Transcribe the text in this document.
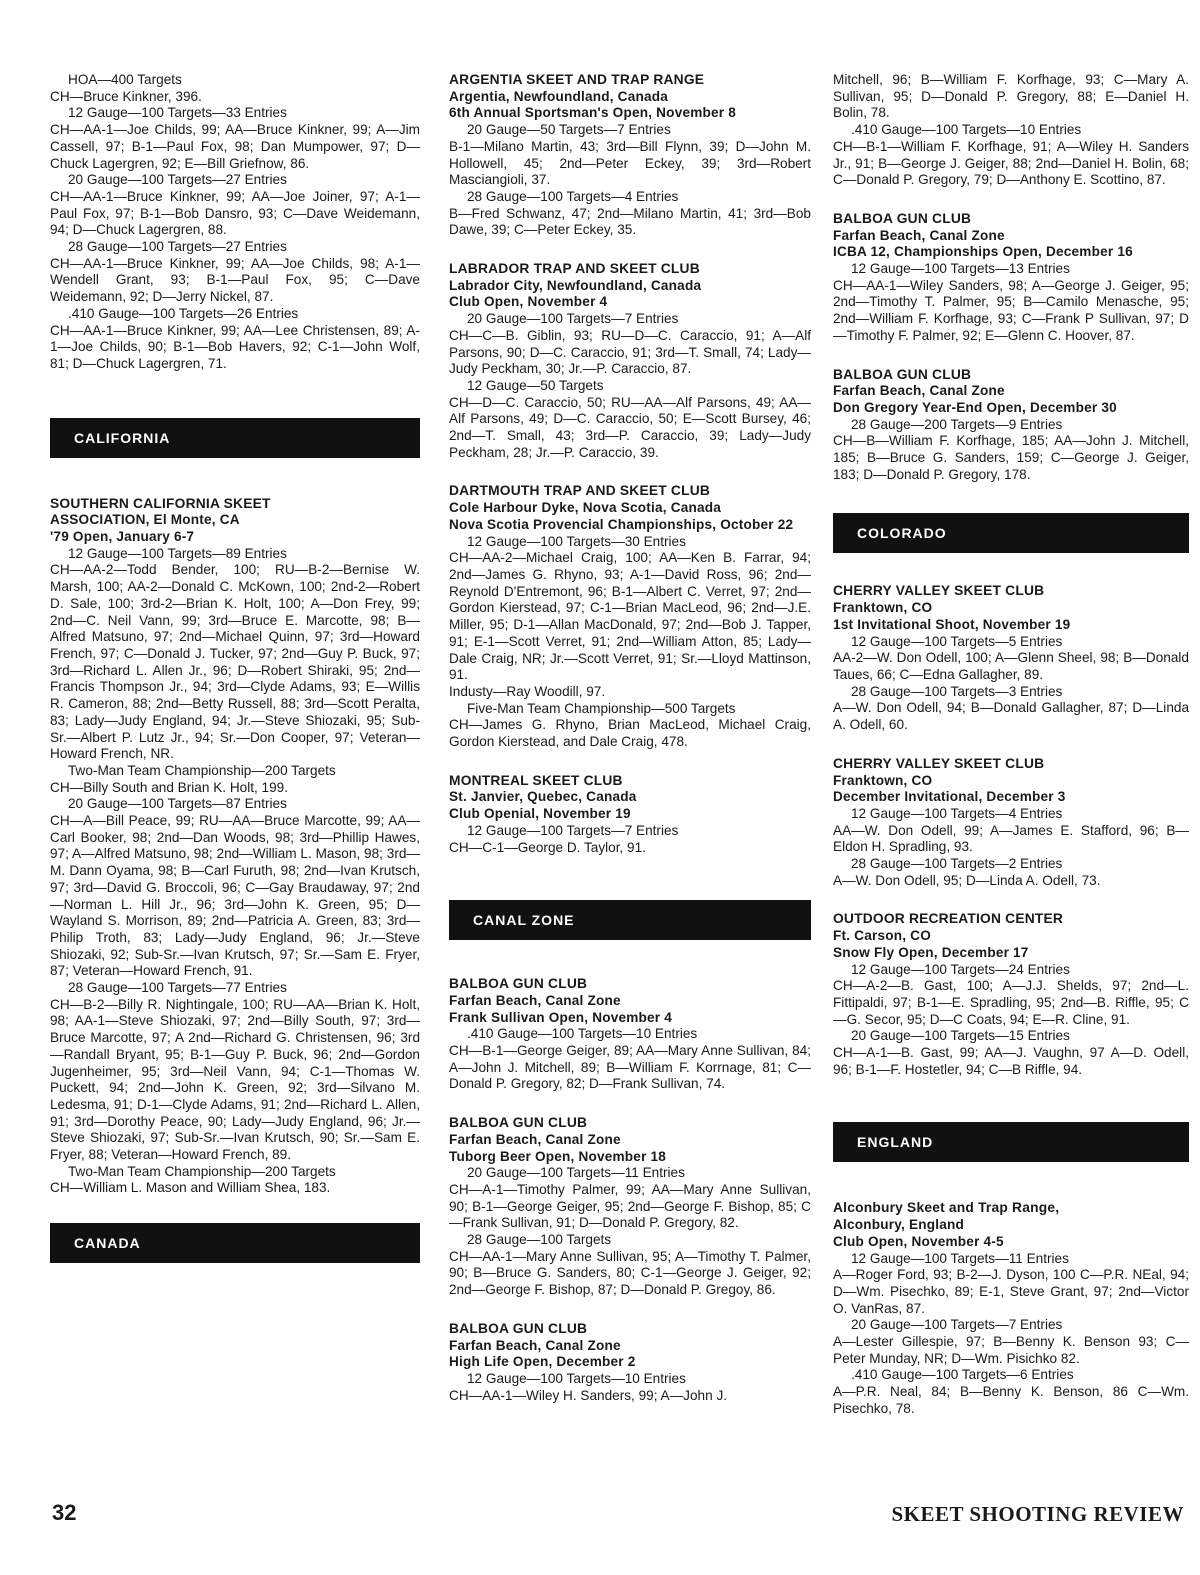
HOA—400 Targets

CH—Bruce Kinkner, 396.

12 Gauge—100 Targets—33 Entries

CH—AA-1—Joe Childs, 99; AA—Bruce Kinkner, 99; A—Jim Cassell, 97; B-1—Paul Fox, 98; Dan Mumpower, 97; D—Chuck Lagergren, 92; E—Bill Griefnow, 86.

20 Gauge—100 Targets—27 Entries

CH—AA-1—Bruce Kinkner, 99; AA—Joe Joiner, 97; A-1—Paul Fox, 97; B-1—Bob Dansro, 93; C—Dave Weidemann, 94; D—Chuck Lagergren, 88.

28 Gauge—100 Targets—27 Entries

CH—AA-1—Bruce Kinkner, 99; AA—Joe Childs, 98; A-1—Wendell Grant, 93; B-1—Paul Fox, 95; C—Dave Weidemann, 92; D—Jerry Nickel, 87.

.410 Gauge—100 Targets—26 Entries

CH—AA-1—Bruce Kinkner, 99; AA—Lee Christensen, 89; A-1—Joe Childs, 90; B-1—Bob Havers, 92; C-1—John Wolf, 81; D—Chuck Lagergren, 71.

CALIFORNIA

SOUTHERN CALIFORNIA SKEET

ASSOCIATION, El Monte, CA

'79 Open, January 6-7

12 Gauge—100 Targets—89 Entries

CH—AA-2—Todd Bender, 100; RU—B-2—Bernise W. Marsh, 100; AA-2—Donald C. McKown, 100; 2nd-2—Robert D. Sale, 100; 3rd-2—Brian K. Holt, 100; A—Don Frey, 99; 2nd—C. Neil Vann, 99; 3rd—Bruce E. Marcotte, 98; B—Alfred Matsuno, 97; 2nd—Michael Quinn, 97; 3rd—Howard French, 97; C—Donald J. Tucker, 97; 2nd—Guy P. Buck, 97; 3rd—Richard L. Allen Jr., 96; D—Robert Shiraki, 95; 2nd—Francis Thompson Jr., 94; 3rd—Clyde Adams, 93; E—Willis R. Cameron, 88; 2nd—Betty Russell, 88; 3rd—Scott Peralta, 83; Lady—Judy England, 94; Jr.—Steve Shiozaki, 95; Sub-Sr.—Albert P. Lutz Jr., 94; Sr.—Don Cooper, 97; Veteran—Howard French, NR.

Two-Man Team Championship—200 Targets

CH—Billy South and Brian K. Holt, 199.

20 Gauge—100 Targets—87 Entries

CH—A—Bill Peace, 99; RU—AA—Bruce Marcotte, 99; AA—Carl Booker, 98; 2nd—Dan Woods, 98; 3rd—Phillip Hawes, 97; A—Alfred Matsuno, 98; 2nd—William L. Mason, 98; 3rd—M. Dann Oyama, 98; B—Carl Furuth, 98; 2nd—Ivan Krutsch, 97; 3rd—David G. Broccoli, 96; C—Gay Braudaway, 97; 2nd—Norman L. Hill Jr., 96; 3rd—John K. Green, 95; D—Wayland S. Morrison, 89; 2nd—Patricia A. Green, 83; 3rd—Philip Troth, 83; Lady—Judy England, 96; Jr.—Steve Shiozaki, 92; Sub-Sr.—Ivan Krutsch, 97; Sr.—Sam E. Fryer, 87; Veteran—Howard French, 91.

28 Gauge—100 Targets—77 Entries

CH—B-2—Billy R. Nightingale, 100; RU—AA—Brian K. Holt, 98; AA-1—Steve Shiozaki, 97; 2nd—Billy South, 97; 3rd—Bruce Marcotte, 97; A 2nd—Richard G. Christensen, 96; 3rd—Randall Bryant, 95; B-1—Guy P. Buck, 96; 2nd—Gordon Jugenheimer, 95; 3rd—Neil Vann, 94; C-1—Thomas W. Puckett, 94; 2nd—John K. Green, 92; 3rd—Silvano M. Ledesma, 91; D-1—Clyde Adams, 91; 2nd—Richard L. Allen, 91; 3rd—Dorothy Peace, 90; Lady—Judy England, 96; Jr.—Steve Shiozaki, 97; Sub-Sr.—Ivan Krutsch, 90; Sr.—Sam E. Fryer, 88; Veteran—Howard French, 89.

Two-Man Team Championship—200 Targets

CH—William L. Mason and William Shea, 183.

CANADA

ARGENTIA SKEET AND TRAP RANGE

Argentia, Newfoundland, Canada

6th Annual Sportsman's Open, November 8

20 Gauge—50 Targets—7 Entries

B-1—Milano Martin, 43; 3rd—Bill Flynn, 39; D—John M. Hollowell, 45; 2nd—Peter Eckey, 39; 3rd—Robert Masciangioli, 37.

28 Gauge—100 Targets—4 Entries

B—Fred Schwanz, 47; 2nd—Milano Martin, 41; 3rd—Bob Dawe, 39; C—Peter Eckey, 35.

LABRADOR TRAP AND SKEET CLUB

Labrador City, Newfoundland, Canada

Club Open, November 4

20 Gauge—100 Targets—7 Entries

CH—C—B. Giblin, 93; RU—D—C. Caraccio, 91; A—Alf Parsons, 90; D—C. Caraccio, 91; 3rd—T. Small, 74; Lady—Judy Peckham, 30; Jr.—P. Caraccio, 87.

12 Gauge—50 Targets

CH—D—C. Caraccio, 50; RU—AA—Alf Parsons, 49; AA—Alf Parsons, 49; D—C. Caraccio, 50; E—Scott Bursey, 46; 2nd—T. Small, 43; 3rd—P. Caraccio, 39; Lady—Judy Peckham, 28; Jr.—P. Caraccio, 39.

DARTMOUTH TRAP AND SKEET CLUB

Cole Harbour Dyke, Nova Scotia, Canada

Nova Scotia Provencial Championships, October 22

12 Gauge—100 Targets—30 Entries

CH—AA-2—Michael Craig, 100; AA—Ken B. Farrar, 94; 2nd—James G. Rhyno, 93; A-1—David Ross, 96; 2nd—Reynold D'Entremont, 96; B-1—Albert C. Verret, 97; 2nd—Gordon Kierstead, 97; C-1—Brian MacLeod, 96; 2nd—J.E. Miller, 95; D-1—Allan MacDonald, 97; 2nd—Bob J. Tapper, 91; E-1—Scott Verret, 91; 2nd—William Atton, 85; Lady—Dale Craig, NR; Jr.—Scott Verret, 91; Sr.—Lloyd Mattinson, 91.

Industy—Ray Woodill, 97.

Five-Man Team Championship—500 Targets

CH—James G. Rhyno, Brian MacLeod, Michael Craig, Gordon Kierstead, and Dale Craig, 478.

MONTREAL SKEET CLUB

St. Janvier, Quebec, Canada

Club Openial, November 19

12 Gauge—100 Targets—7 Entries

CH—C-1—George D. Taylor, 91.

CANAL ZONE

BALBOA GUN CLUB

Farfan Beach, Canal Zone

Frank Sullivan Open, November 4

.410 Gauge—100 Targets—10 Entries

CH—B-1—George Geiger, 89; AA—Mary Anne Sullivan, 84; A—John J. Mitchell, 89; B—William F. Korrnage, 81; C—Donald P. Gregory, 82; D—Frank Sullivan, 74.

BALBOA GUN CLUB

Farfan Beach, Canal Zone

Tuborg Beer Open, November 18

20 Gauge—100 Targets—11 Entries

CH—A-1—Timothy Palmer, 99; AA—Mary Anne Sullivan, 90; B-1—George Geiger, 95; 2nd—George F. Bishop, 85; C—Frank Sullivan, 91; D—Donald P. Gregory, 82.

28 Gauge—100 Targets

CH—AA-1—Mary Anne Sullivan, 95; A—Timothy T. Palmer, 90; B—Bruce G. Sanders, 80; C-1—George J. Geiger, 92; 2nd—George F. Bishop, 87; D—Donald P. Gregoy, 86.

BALBOA GUN CLUB

Farfan Beach, Canal Zone

High Life Open, December 2

12 Gauge—100 Targets—10 Entries

CH—AA-1—Wiley H. Sanders, 99; A—John J.

Mitchell, 96; B—William F. Korfhage, 93; C—Mary A. Sullivan, 95; D—Donald P. Gregory, 88; E—Daniel H. Bolin, 78.

.410 Gauge—100 Targets—10 Entries

CH—B-1—William F. Korfhage, 91; A—Wiley H. Sanders Jr., 91; B—George J. Geiger, 88; 2nd—Daniel H. Bolin, 68; C—Donald P. Gregory, 79; D—Anthony E. Scottino, 87.

BALBOA GUN CLUB

Farfan Beach, Canal Zone

ICBA 12, Championships Open, December 16

12 Gauge—100 Targets—13 Entries

CH—AA-1—Wiley Sanders, 98; A—George J. Geiger, 95; 2nd—Timothy T. Palmer, 95; B—Camilo Menasche, 95; 2nd—William F. Korfhage, 93; C—Frank P Sullivan, 97; D—Timothy F. Palmer, 92; E—Glenn C. Hoover, 87.

BALBOA GUN CLUB

Farfan Beach, Canal Zone

Don Gregory Year-End Open, December 30

28 Gauge—200 Targets—9 Entries

CH—B—William F. Korfhage, 185; AA—John J. Mitchell, 185; B—Bruce G. Sanders, 159; C—George J. Geiger, 183; D—Donald P. Gregory, 178.

COLORADO

CHERRY VALLEY SKEET CLUB

Franktown, CO

1st Invitational Shoot, November 19

12 Gauge—100 Targets—5 Entries

AA-2—W. Don Odell, 100; A—Glenn Sheel, 98; B—Donald Taues, 66; C—Edna Gallagher, 89.

28 Gauge—100 Targets—3 Entries

A—W. Don Odell, 94; B—Donald Gallagher, 87; D—Linda A. Odell, 60.

CHERRY VALLEY SKEET CLUB

Franktown, CO

December Invitational, December 3

12 Gauge—100 Targets—4 Entries

AA—W. Don Odell, 99; A—James E. Stafford, 96; B—Eldon H. Spradling, 93.

28 Gauge—100 Targets—2 Entries

A—W. Don Odell, 95; D—Linda A. Odell, 73.

OUTDOOR RECREATION CENTER

Ft. Carson, CO

Snow Fly Open, December 17

12 Gauge—100 Targets—24 Entries

CH—A-2—B. Gast, 100; A—J.J. Shelds, 97; 2nd—L. Fittipaldi, 97; B-1—E. Spradling, 95; 2nd—B. Riffle, 95; C—G. Secor, 95; D—C Coats, 94; E—R. Cline, 91.

20 Gauge—100 Targets—15 Entries

CH—A-1—B. Gast, 99; AA—J. Vaughn, 97 A—D. Odell, 96; B-1—F. Hostetler, 94; C—B Riffle, 94.

ENGLAND

Alconbury Skeet and Trap Range,

Alconbury, England

Club Open, November 4-5

12 Gauge—100 Targets—11 Entries

A—Roger Ford, 93; B-2—J. Dyson, 100 C—P.R. NEal, 94; D—Wm. Pisechko, 89; E-1, Steve Grant, 97; 2nd—Victor O. VanRas, 87.

20 Gauge—100 Targets—7 Entries

A—Lester Gillespie, 97; B—Benny K. Benson 93; C—Peter Munday, NR; D—Wm. Pisichko 82.

.410 Gauge—100 Targets—6 Entries

A—P.R. Neal, 84; B—Benny K. Benson, 86 C—Wm. Pisechko, 78.

32	SKEET SHOOTING REVIEW
